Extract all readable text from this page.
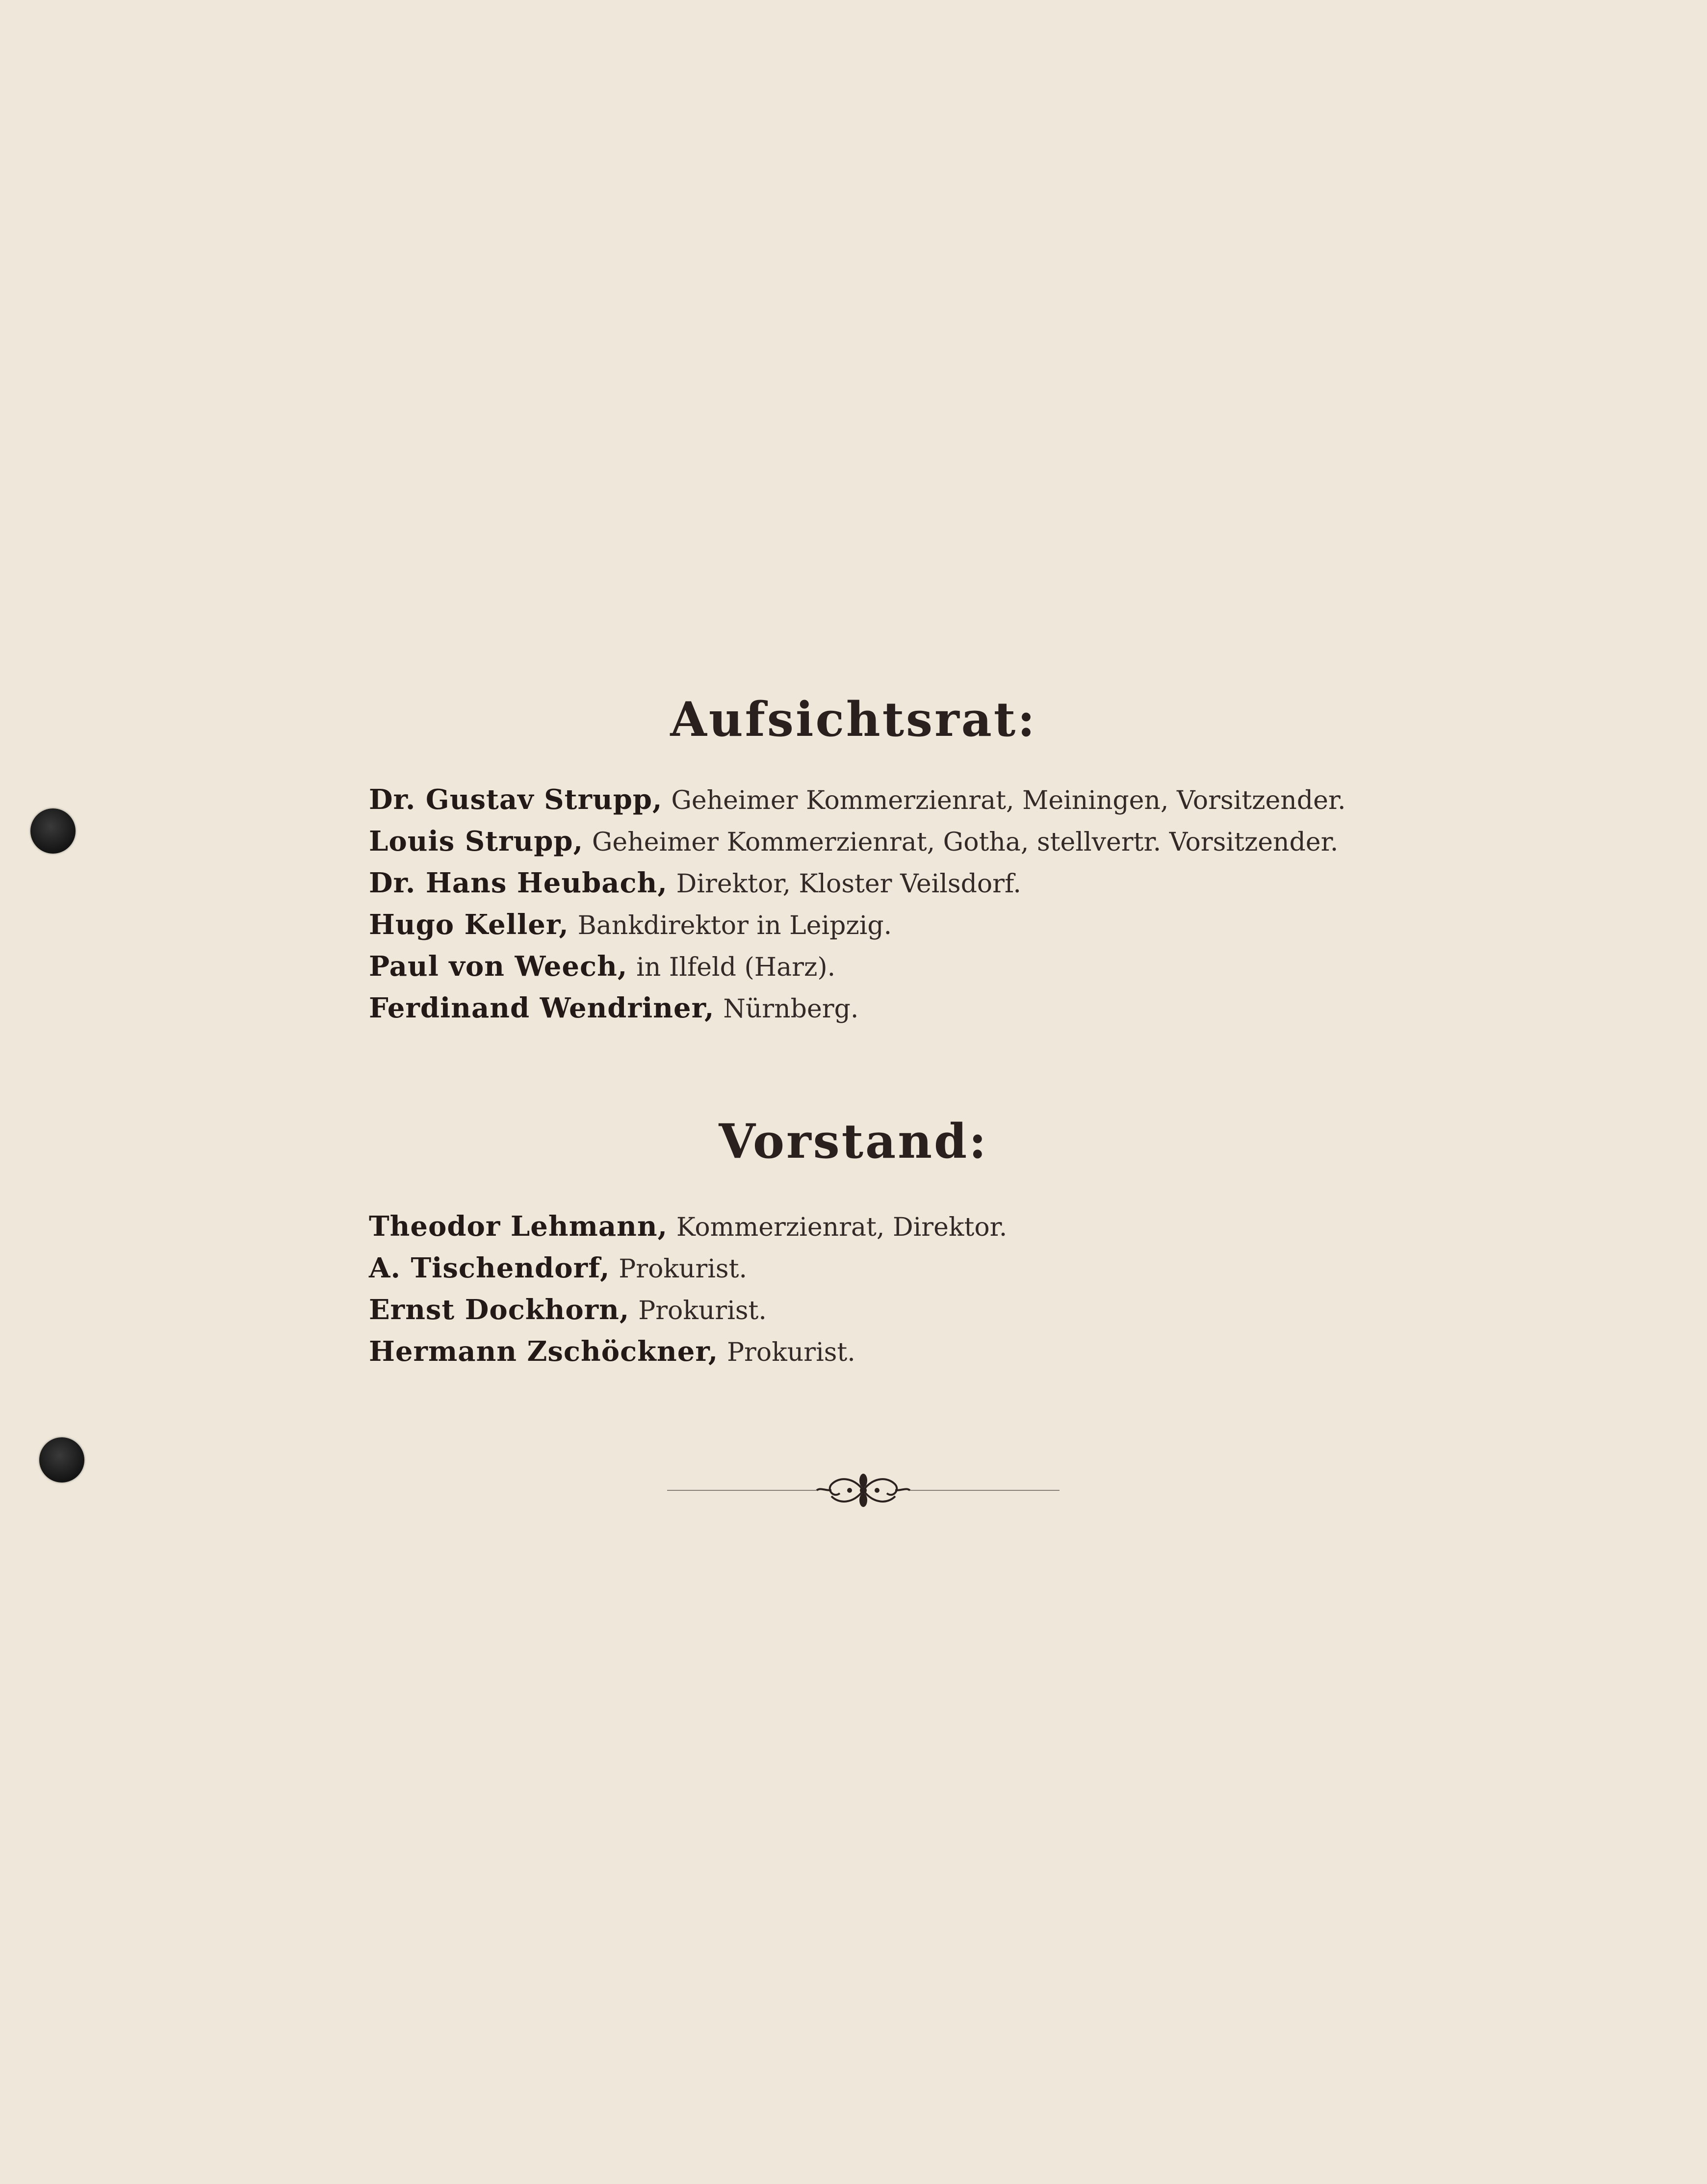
Aufsichtsrat:
Dr. Gustav Strupp, Geheimer Kommerzienrat, Meiningen, Vorsitzender.
Louis Strupp, Geheimer Kommerzienrat, Gotha, stellvertr. Vorsitzender.
Dr. Hans Heubach, Direktor, Kloster Veilsdorf.
Hugo Keller, Bankdirektor in Leipzig.
Paul von Weech, in Ilfeld (Harz).
Ferdinand Wendriner, Nürnberg.
Vorstand:
Theodor Lehmann, Kommerzienrat, Direktor.
A. Tischendorf, Prokurist.
Ernst Dockhorn, Prokurist.
Hermann Zschöckner, Prokurist.
